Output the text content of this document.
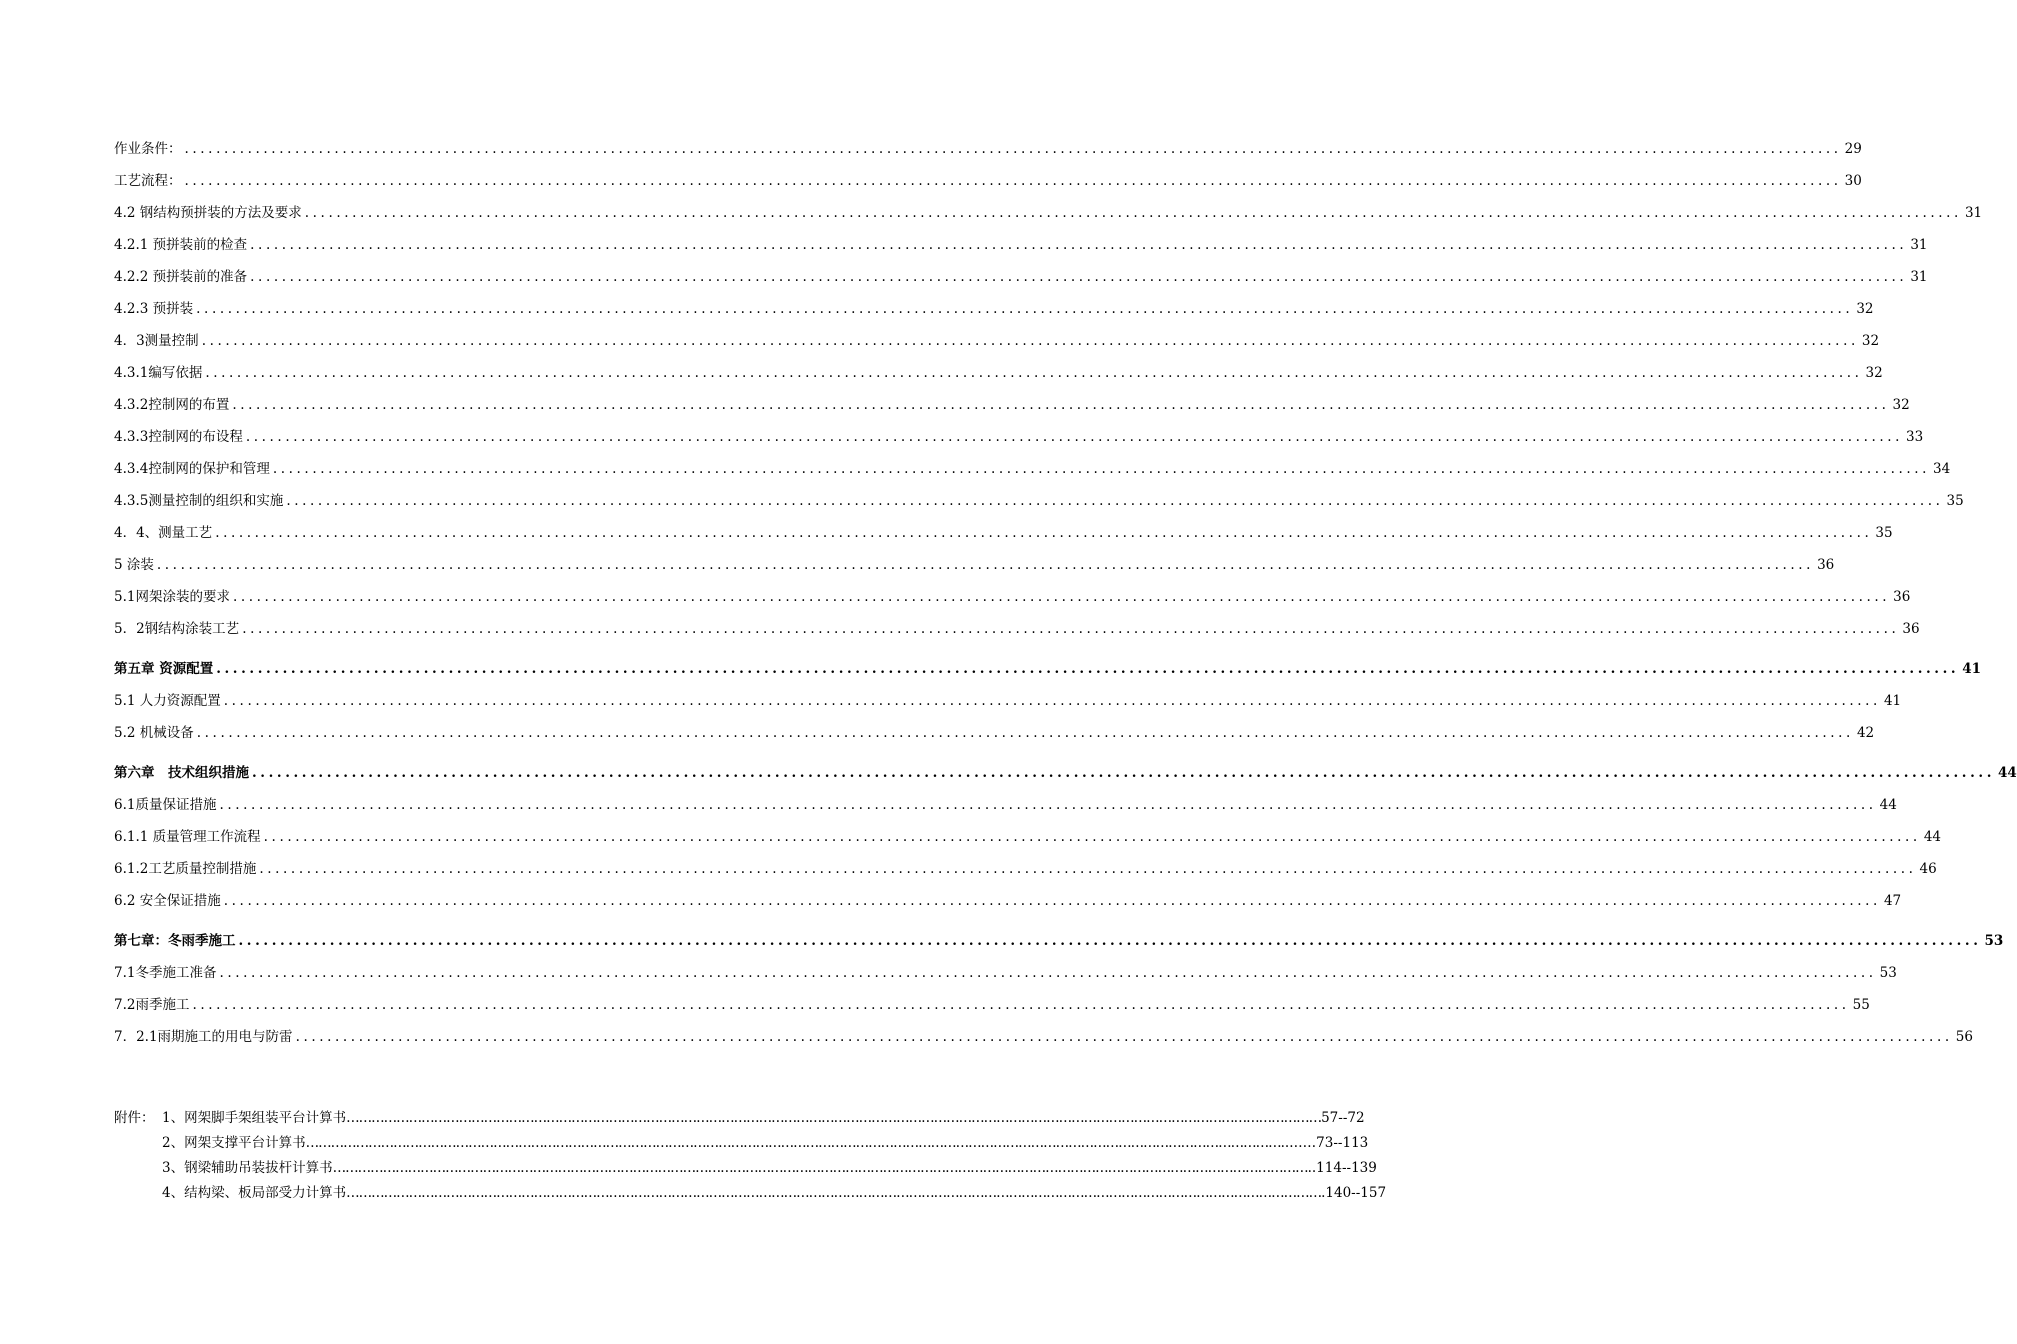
作业条件： .................................................................................................................................................................................................................. 29
工艺流程： .................................................................................................................................................................................................................. 30
4.2 钢结构预拼装的方法及要求 .................................................................................................................................................................................................................. 31
4.2.1 预拼装前的检查 .................................................................................................................................................................................................................. 31
4.2.2 预拼装前的准备 .................................................................................................................................................................................................................. 31
4.2.3 预拼装 .................................................................................................................................................................................................................. 32
4．3测量控制 .................................................................................................................................................................................................................. 32
4.3.1编写依据 .................................................................................................................................................................................................................. 32
4.3.2控制网的布置 .................................................................................................................................................................................................................. 32
4.3.3控制网的布设程 .................................................................................................................................................................................................................. 33
4.3.4控制网的保护和管理 .................................................................................................................................................................................................................. 34
4.3.5测量控制的组织和实施 .................................................................................................................................................................................................................. 35
4．4、测量工艺 .................................................................................................................................................................................................................. 35
5 涂装 .................................................................................................................................................................................................................. 36
5.1网架涂装的要求 .................................................................................................................................................................................................................. 36
5．2钢结构涂装工艺 .................................................................................................................................................................................................................. 36
第五章 资源配置 .................................................................................................................................................................................................................. 41
5.1 人力资源配置 .................................................................................................................................................................................................................. 41
5.2 机械设备 .................................................................................................................................................................................................................. 42
第六章　技术组织措施 .................................................................................................................................................................................................................. 44
6.1质量保证措施 .................................................................................................................................................................................................................. 44
6.1.1 质量管理工作流程 .................................................................................................................................................................................................................. 44
6.1.2工艺质量控制措施 .................................................................................................................................................................................................................. 46
6.2 安全保证措施 .................................................................................................................................................................................................................. 47
第七章：冬雨季施工 .................................................................................................................................................................................................................. 53
7.1冬季施工准备 .................................................................................................................................................................................................................. 53
7.2雨季施工 .................................................................................................................................................................................................................. 55
7．2.1雨期施工的用电与防雷 .................................................................................................................................................................................................................. 56
附件： 1、网架脚手架组装平台计算书 ……………………………………………………………………………………………………………………………………………………………………………………………………………… 57--72
2、网架支撑平台计算书 ……………………………………………………………………………………………………………………………………………………………………………………………………………… ..……73--113
3、钢梁辅助吊装拔杆计算书 ……………………………………………………………………………………………………………………………………………………………………………………………………………… ..114--139
4、结构梁、板局部受力计算书 ……………………………………………………………………………………………………………………………………………………………………………………………………………… .140--157
